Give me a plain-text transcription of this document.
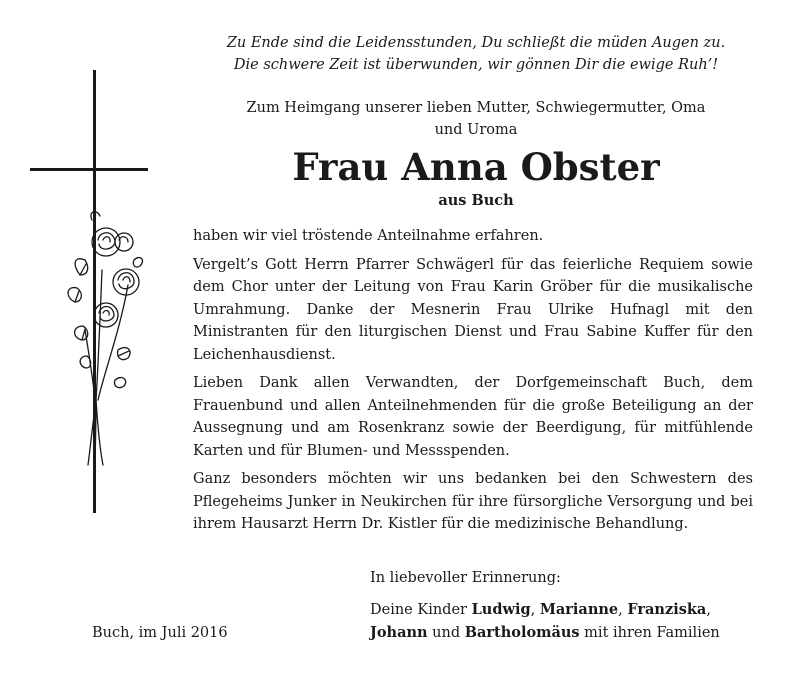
Zu Ende sind die Leidensstunden, Du schließt die müden Augen zu.
Die schwere Zeit ist überwunden, wir gönnen Dir die ewige Ruh’!
Zum Heimgang unserer lieben Mutter, Schwiegermutter, Oma
und Uroma
Frau Anna Obster
aus Buch

haben wir viel tröstende Anteilnahme erfahren.

Vergelt’s Gott Herrn Pfarrer Schwägerl für das feierliche Requiem sowie dem Chor unter der Leitung von Frau Karin Gröber für die musikalische Umrahmung. Danke der Mesnerin Frau Ulrike Hufnagl mit den Ministranten für den liturgischen Dienst und Frau Sabine Kuffer für den Leichenhausdienst.

Lieben Dank allen Verwandten, der Dorfgemeinschaft Buch, dem Frauenbund und allen Anteilnehmenden für die große Beteiligung an der Aussegnung und am Rosenkranz sowie der Beerdigung, für mitfühlende Karten und für Blumen- und Messspenden.

Ganz besonders möchten wir uns bedanken bei den Schwestern des Pflegeheims Junker in Neukirchen für ihre fürsorgliche Versorgung und bei ihrem Hausarzt Herrn Dr. Kistler für die medizinische Behandlung.

In liebevoller Erinnerung:
Deine Kinder Ludwig, Marianne, Franziska,
Johann und Bartholomäus mit ihren Familien
Buch, im Juli 2016
